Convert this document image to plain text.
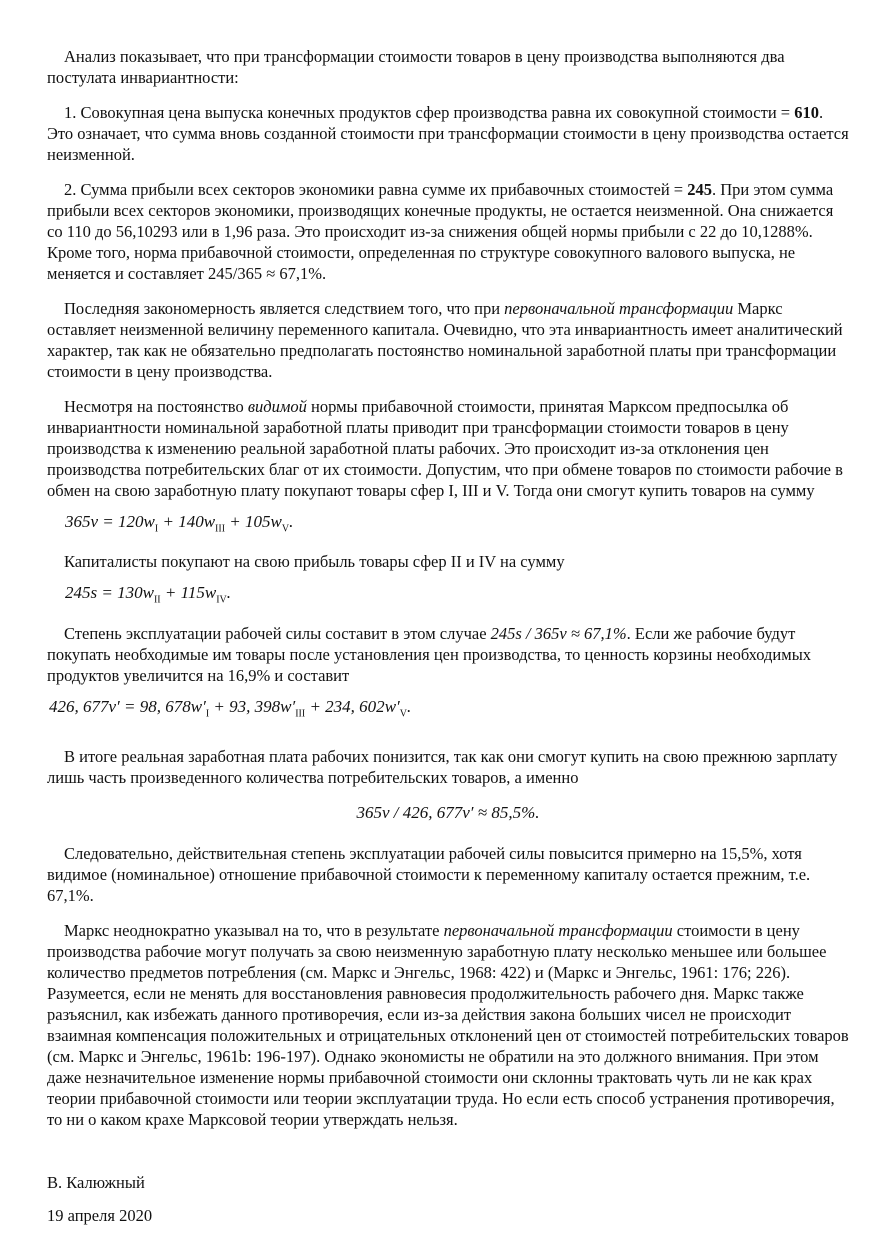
Анализ показывает, что при трансформации стоимости товаров в цену производства выполняются два постулата инвариантности:

1. Совокупная цена выпуска конечных продуктов сфер производства равна их совокупной стоимости = 610. Это означает, что сумма вновь созданной стоимости при трансформации стоимости в цену производства остается неизменной.

2. Сумма прибыли всех секторов экономики равна сумме их прибавочных стоимостей = 245. При этом сумма прибыли всех секторов экономики, производящих конечные продукты, не остается неизменной. Она снижается со 110 до 56,10293 или в 1,96 раза. Это происходит из-за снижения общей нормы прибыли с 22 до 10,1288%. Кроме того, норма прибавочной стоимости, определенная по структуре совокупного валового выпуска, не меняется и составляет 245/365 ≈ 67,1%.

Последняя закономерность является следствием того, что при первоначальной трансформации Маркс оставляет неизменной величину переменного капитала. Очевидно, что эта инвариантность имеет аналитический характер, так как не обязательно предполагать постоянство номинальной заработной платы при трансформации стоимости в цену производства.

Несмотря на постоянство видимой нормы прибавочной стоимости, принятая Марксом предпосылка об инвариантности номинальной заработной платы приводит при трансформации стоимости товаров в цену производства к изменению реальной заработной платы рабочих. Это происходит из-за отклонения цен производства потребительских благ от их стоимости. Допустим, что при обмене товаров по стоимости рабочие в обмен на свою заработную плату покупают товары сфер I, III и V. Тогда они смогут купить товаров на сумму

$365v = 120w_I + 140w_{III} + 105w_V$.

Капиталисты покупают на свою прибыль товары сфер II и IV на сумму

$245s = 130w_{II} + 115w_{IV}$.

Степень эксплуатации рабочей силы составит в этом случае 245s / 365v ≈ 67,1%. Если же рабочие будут покупать необходимые им товары после установления цен производства, то ценность корзины необходимых продуктов увеличится на 16,9% и составит

426, 677v′ = 98, $678w'_I + 93$, $398w'_{III} + 234$, $602w'_V$.

В итоге реальная заработная плата рабочих понизится, так как они смогут купить на свою прежнюю зарплату лишь часть произведенного количества потребительских товаров, а именно

365v / 426, 677v′ ≈ 85,5%.

Следовательно, действительная степень эксплуатации рабочей силы повысится примерно на 15,5%, хотя видимое (номинальное) отношение прибавочной стоимости к переменному капиталу остается прежним, т.е. 67,1%.

Маркс неоднократно указывал на то, что в результате первоначальной трансформации стоимости в цену производства рабочие могут получать за свою неизменную заработную плату несколько меньшее или большее количество предметов потребления (см. Маркс и Энгельс, 1968: 422) и (Маркс и Энгельс, 1961: 176; 226). Разумеется, если не менять для восстановления равновесия продолжительность рабочего дня. Маркс также разъяснил, как избежать данного противоречия, если из-за действия закона больших чисел не происходит взаимная компенсация положительных и отрицательных отклонений цен от стоимостей потребительских товаров (см. Маркс и Энгельс, 1961b: 196-197). Однако экономисты не обратили на это должного внимания. При этом даже незначительное изменение нормы прибавочной стоимости они склонны трактовать чуть ли не как крах теории прибавочной стоимости или теории эксплуатации труда. Но если есть способ устранения противоречия, то ни о каком крахе Марксовой теории утверждать нельзя.

В. Калюжный
19 апреля 2020
